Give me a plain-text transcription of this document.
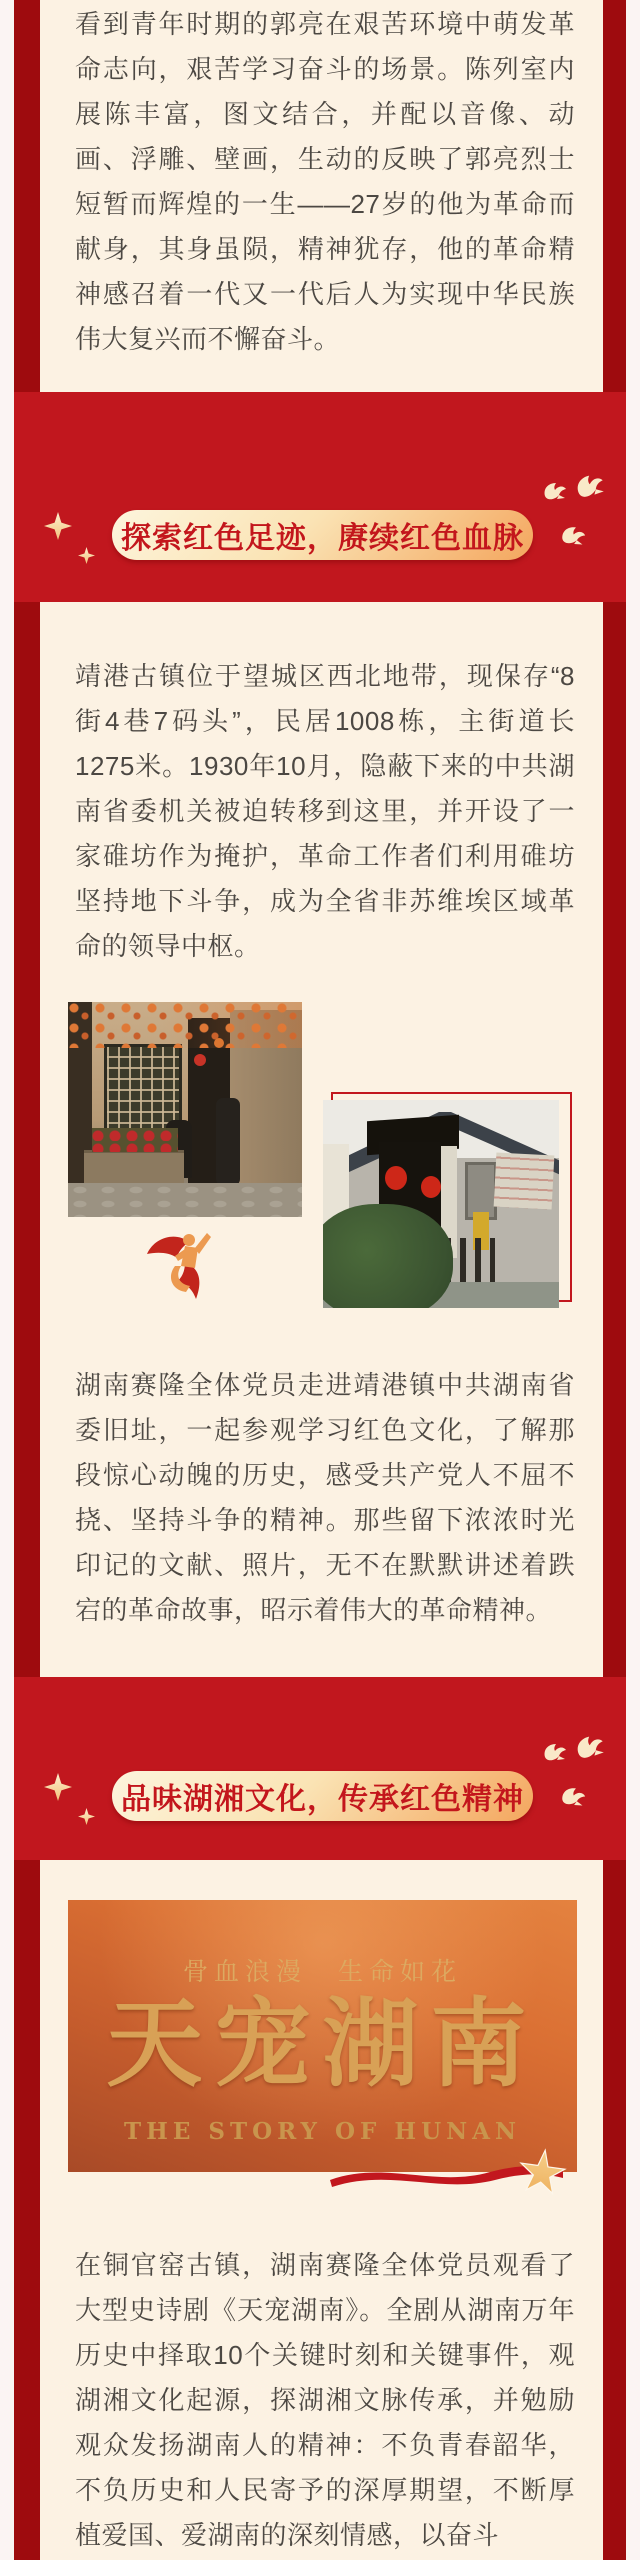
看到青年时期的郭亮在艰苦环境中萌发革命志向，艰苦学习奋斗的场景。陈列室内展陈丰富，图文结合，并配以音像、动画、浮雕、壁画，生动的反映了郭亮烈士短暂而辉煌的一生——27岁的他为革命而献身，其身虽陨，精神犹存，他的革命精神感召着一代又一代后人为实现中华民族伟大复兴而不懈奋斗。

探索红色足迹，赓续红色血脉

靖港古镇位于望城区西北地带，现保存“8街4巷7码头”，民居1008栋，主街道长1275米。1930年10月，隐蔽下来的中共湖南省委机关被迫转移到这里，并开设了一家碓坊作为掩护，革命工作者们利用碓坊坚持地下斗争，成为全省非苏维埃区域革命的领导中枢。

湖南赛隆全体党员走进靖港镇中共湖南省委旧址，一起参观学习红色文化，了解那段惊心动魄的历史，感受共产党人不屈不挠、坚持斗争的精神。那些留下浓浓时光印记的文献、照片，无不在默默讲述着跌宕的革命故事，昭示着伟大的革命精神。

品味湖湘文化，传承红色精神
骨血浪漫　生命如花
天宠湖南
THE STORY OF HUNAN

在铜官窑古镇，湖南赛隆全体党员观看了大型史诗剧《天宠湖南》。全剧从湖南万年历史中择取10个关键时刻和关键事件，观湖湘文化起源，探湖湘文脉传承，并勉励观众发扬湖南人的精神：不负青春韶华，不负历史和人民寄予的深厚期望，不断厚植爱国、爱湖南的深刻情感，以奋斗
